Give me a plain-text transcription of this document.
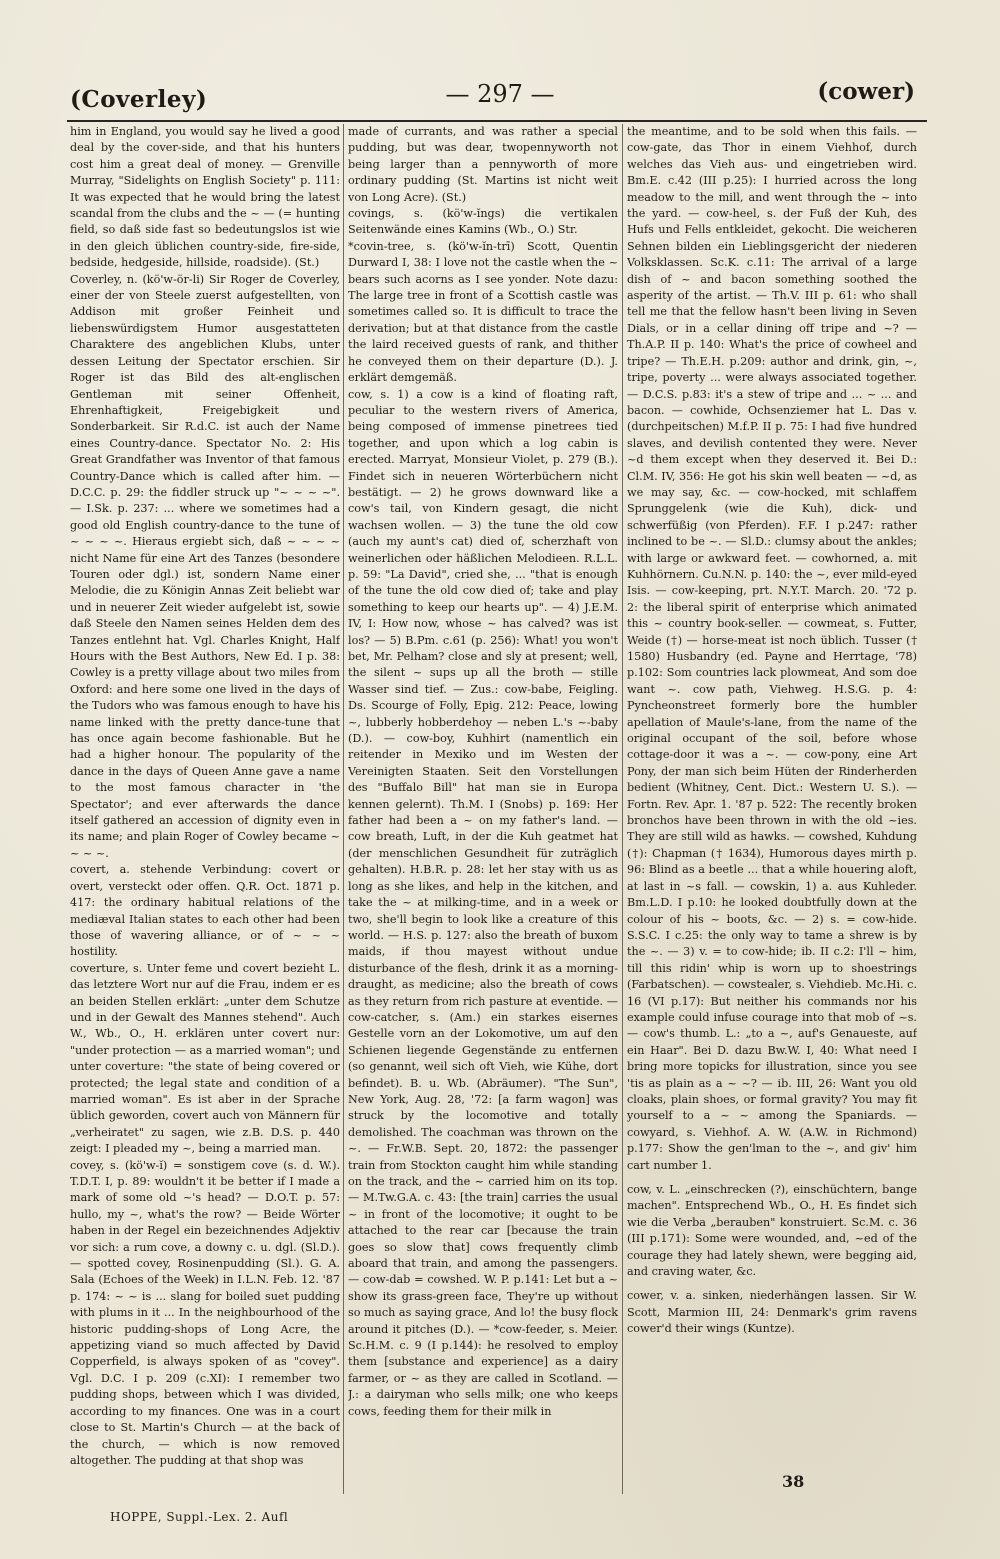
(Coverley)	— 297 —	(cower)

him in England, you would say he lived a good deal by the cover-side, and that his hunters cost him a great deal of money. — Grenville Murray, "Sidelights on English Society" p. 111: It was expected that he would bring the latest scandal from the clubs and the ~ — (= hunting field, so daß side fast so bedeutungslos ist wie in den gleich üblichen country-side, fire-side, bedside, hedgeside, hillside, roadside). (St.)

Coverley, n. (kö'w-ör-li) Sir Roger de Coverley, einer der von Steele zuerst aufgestellten, von Addison mit großer Feinheit und liebenswürdigstem Humor ausgestatteten Charaktere des angeblichen Klubs, unter dessen Leitung der Spectator erschien. Sir Roger ist das Bild des alt-englischen Gentleman mit seiner Offenheit, Ehrenhaftigkeit, Freigebigkeit und Sonderbarkeit. Sir R.d.C. ist auch der Name eines Country-dance. Spectator No. 2: His Great Grandfather was Inventor of that famous Country-Dance which is called after him. — D.C.C. p. 29: the fiddler struck up "~ ~ ~ ~". — I.Sk. p. 237: ... where we sometimes had a good old English country-dance to the tune of ~ ~ ~ ~. Hieraus ergiebt sich, daß ~ ~ ~ ~ nicht Name für eine Art des Tanzes (besondere Touren oder dgl.) ist, sondern Name einer Melodie, die zu Königin Annas Zeit beliebt war und in neuerer Zeit wieder aufgelebt ist, sowie daß Steele den Namen seines Helden dem des Tanzes entlehnt hat. Vgl. Charles Knight, Half Hours with the Best Authors, New Ed. I p. 38: Cowley is a pretty village about two miles from Oxford: and here some one lived in the days of the Tudors who was famous enough to have his name linked with the pretty dance-tune that has once again become fashionable. But he had a higher honour. The popularity of the dance in the days of Queen Anne gave a name to the most famous character in 'the Spectator'; and ever afterwards the dance itself gathered an accession of dignity even in its name; and plain Roger of Cowley became ~ ~ ~ ~.

covert, a. stehende Verbindung: covert or overt, versteckt oder offen. Q.R. Oct. 1871 p. 417: the ordinary habitual relations of the mediæval Italian states to each other had been those of wavering alliance, or of ~ ~ ~ hostility.

coverture, s. Unter feme und covert bezieht L. das letztere Wort nur auf die Frau, indem er es an beiden Stellen erklärt: „unter dem Schutze und in der Gewalt des Mannes stehend". Auch W., Wb., O., H. erklären unter covert nur: "under protection — as a married woman"; und unter coverture: "the state of being covered or protected; the legal state and condition of a married woman". Es ist aber in der Sprache üblich geworden, covert auch von Männern für „verheiratet" zu sagen, wie z.B. D.S. p. 440 zeigt: I pleaded my ~, being a married man.

covey, s. (kö'w-ĭ) = sonstigem cove (s. d. W.). T.D.T. I, p. 89: wouldn't it be better if I made a mark of some old ~'s head? — D.O.T. p. 57: hullo, my ~, what's the row? — Beide Wörter haben in der Regel ein bezeichnendes Adjektiv vor sich: a rum cove, a downy c. u. dgl. (Sl.D.). — spotted covey, Rosinenpudding (Sl.). G. A. Sala (Echoes of the Week) in I.L.N. Feb. 12. '87 p. 174: ~ ~ is ... slang for boiled suet pudding with plums in it ... In the neighbourhood of the historic pudding-shops of Long Acre, the appetizing viand so much affected by David Copperfield, is always spoken of as "covey". Vgl. D.C. I p. 209 (c.XI): I remember two pudding shops, between which I was divided, according to my finances. One was in a court close to St. Martin's Church — at the back of the church, — which is now removed altogether. The pudding at that shop was

made of currants, and was rather a special pudding, but was dear, twopennyworth not being larger than a pennyworth of more ordinary pudding (St. Martins ist nicht weit von Long Acre). (St.)

covings, s. (kö'w-ĭngs) die vertikalen Seitenwände eines Kamins (Wb., O.) Str.

*covin-tree, s. (kö'w-ĭn-trī) Scott, Quentin Durward I, 38: I love not the castle when the ~ bears such acorns as I see yonder. Note dazu: The large tree in front of a Scottish castle was sometimes called so. It is difficult to trace the derivation; but at that distance from the castle the laird received guests of rank, and thither he conveyed them on their departure (D.). J. erklärt demgemäß.

cow, s. 1) a cow is a kind of floating raft, peculiar to the western rivers of America, being composed of immense pinetrees tied together, and upon which a log cabin is erected. Marryat, Monsieur Violet, p. 279 (B.). Findet sich in neueren Wörterbüchern nicht bestätigt. — 2) he grows downward like a cow's tail, von Kindern gesagt, die nicht wachsen wollen. — 3) the tune the old cow (auch my aunt's cat) died of, scherzhaft von weinerlichen oder häßlichen Melodieen. R.L.L. p. 59: "La David", cried she, ... "that is enough of the tune the old cow died of; take and play something to keep our hearts up". — 4) J.E.M. IV, I: How now, whose ~ has calved? was ist los? — 5) B.Pm. c.61 (p. 256): What! you won't bet, Mr. Pelham? close and sly at present; well, the silent ~ sups up all the broth — stille Wasser sind tief. — Zus.: cow-babe, Feigling. Ds. Scourge of Folly, Epig. 212: Peace, lowing ~, lubberly hobberdehoy — neben L.'s ~-baby (D.). — cow-boy, Kuhhirt (namentlich ein reitender in Mexiko und im Westen der Vereinigten Staaten. Seit den Vorstellungen des "Buffalo Bill" hat man sie in Europa kennen gelernt). Th.M. I (Snobs) p. 169: Her father had been a ~ on my father's land. — cow breath, Luft, in der die Kuh geatmet hat (der menschlichen Gesundheit für zuträglich gehalten). H.B.R. p. 28: let her stay with us as long as she likes, and help in the kitchen, and take the ~ at milking-time, and in a week or two, she'll begin to look like a creature of this world. — H.S. p. 127: also the breath of buxom maids, if thou mayest without undue disturbance of the flesh, drink it as a morning-draught, as medicine; also the breath of cows as they return from rich pasture at eventide. — cow-catcher, s. (Am.) ein starkes eisernes Gestelle vorn an der Lokomotive, um auf den Schienen liegende Gegenstände zu entfernen (so genannt, weil sich oft Vieh, wie Kühe, dort befindet). B. u. Wb. (Abräumer). "The Sun", New York, Aug. 28, '72: [a farm wagon] was struck by the locomotive and totally demolished. The coachman was thrown on the ~. — Fr.W.B. Sept. 20, 1872: the passenger train from Stockton caught him while standing on the track, and the ~ carried him on its top. — M.Tw.G.A. c. 43: [the train] carries the usual ~ in front of the locomotive; it ought to be attached to the rear car [because the train goes so slow that] cows frequently climb aboard that train, and among the passengers. — cow-dab = cowshed. W. P. p.141: Let but a ~ show its grass-green face, They're up without so much as saying grace, And lo! the busy flock around it pitches (D.). — *cow-feeder, s. Meier. Sc.H.M. c. 9 (I p.144): he resolved to employ them [substance and experience] as a dairy farmer, or ~ as they are called in Scotland. — J.: a dairyman who sells milk; one who keeps cows, feeding them for their milk in

the meantime, and to be sold when this fails. — cow-gate, das Thor in einem Viehhof, durch welches das Vieh aus- und eingetrieben wird. Bm.E. c.42 (III p.25): I hurried across the long meadow to the mill, and went through the ~ into the yard. — cow-heel, s. der Fuß der Kuh, des Hufs und Fells entkleidet, gekocht. Die weicheren Sehnen bilden ein Lieblingsgericht der niederen Volksklassen. Sc.K. c.11: The arrival of a large dish of ~ and bacon something soothed the asperity of the artist. — Th.V. III p. 61: who shall tell me that the fellow hasn't been living in Seven Dials, or in a cellar dining off tripe and ~? — Th.A.P. II p. 140: What's the price of cowheel and tripe? — Th.E.H. p.209: author and drink, gin, ~, tripe, poverty ... were always associated together. — D.C.S. p.83: it's a stew of tripe and ... ~ ... and bacon. — cowhide, Ochsenziemer hat L. Das v. (durchpeitschen) M.f.P. II p. 75: I had five hundred slaves, and devilish contented they were. Never ~d them except when they deserved it. Bei D.: Cl.M. IV, 356: He got his skin well beaten — ~d, as we may say, &c. — cow-hocked, mit schlaffem Sprunggelenk (wie die Kuh), dick- und schwerfüßig (von Pferden). F.F. I p.247: rather inclined to be ~. — Sl.D.: clumsy about the ankles; with large or awkward feet. — cowhorned, a. mit Kuhhörnern. Cu.N.N. p. 140: the ~, ever mild-eyed Isis. — cow-keeping, prt. N.Y.T. March. 20. '72 p. 2: the liberal spirit of enterprise which animated this ~ country book-seller. — cowmeat, s. Futter, Weide (†) — horse-meat ist noch üblich. Tusser († 1580) Husbandry (ed. Payne and Herrtage, '78) p.102: Som countries lack plowmeat, And som doe want ~. cow path, Viehweg. H.S.G. p. 4: Pyncheonstreet formerly bore the humbler apellation of Maule's-lane, from the name of the original occupant of the soil, before whose cottage-door it was a ~. — cow-pony, eine Art Pony, der man sich beim Hüten der Rinderherden bedient (Whitney, Cent. Dict.: Western U. S.). — Fortn. Rev. Apr. 1. '87 p. 522: The recently broken bronchos have been thrown in with the old ~ies. They are still wild as hawks. — cowshed, Kuhdung (†): Chapman († 1634), Humorous dayes mirth p. 96: Blind as a beetle ... that a while houering aloft, at last in ~s fall. — cowskin, 1) a. aus Kuhleder. Bm.L.D. I p.10: he looked doubtfully down at the colour of his ~ boots, &c. — 2) s. = cow-hide. S.S.C. I c.25: the only way to tame a shrew is by the ~. — 3) v. = to cow-hide; ib. II c.2: I'll ~ him, till this ridin' whip is worn up to shoestrings (Farbatschen). — cowstealer, s. Viehdieb. Mc.Hi. c. 16 (VI p.17): But neither his commands nor his example could infuse courage into that mob of ~s. — cow's thumb. L.: „to a ~, auf's Genaueste, auf ein Haar". Bei D. dazu Bw.W. I, 40: What need I bring more topicks for illustration, since you see 'tis as plain as a ~ ~? — ib. III, 26: Want you old cloaks, plain shoes, or formal gravity? You may fit yourself to a ~ ~ among the Spaniards. — cowyard, s. Viehhof. A. W. (A.W. in Richmond) p.177: Show the gen'lman to the ~, and giv' him cart number 1.

cow, v. L. „einschrecken (?), einschüchtern, bange machen". Entsprechend Wb., O., H. Es findet sich wie die Verba „berauben" konstruiert. Sc.M. c. 36 (III p.171): Some were wounded, and, ~ed of the courage they had lately shewn, were begging aid, and craving water, &c.

cower, v. a. sinken, niederhängen lassen. Sir W. Scott, Marmion III, 24: Denmark's grim ravens cower'd their wings (Kuntze).

HOPPE, Suppl.-Lex. 2. Aufl
38
